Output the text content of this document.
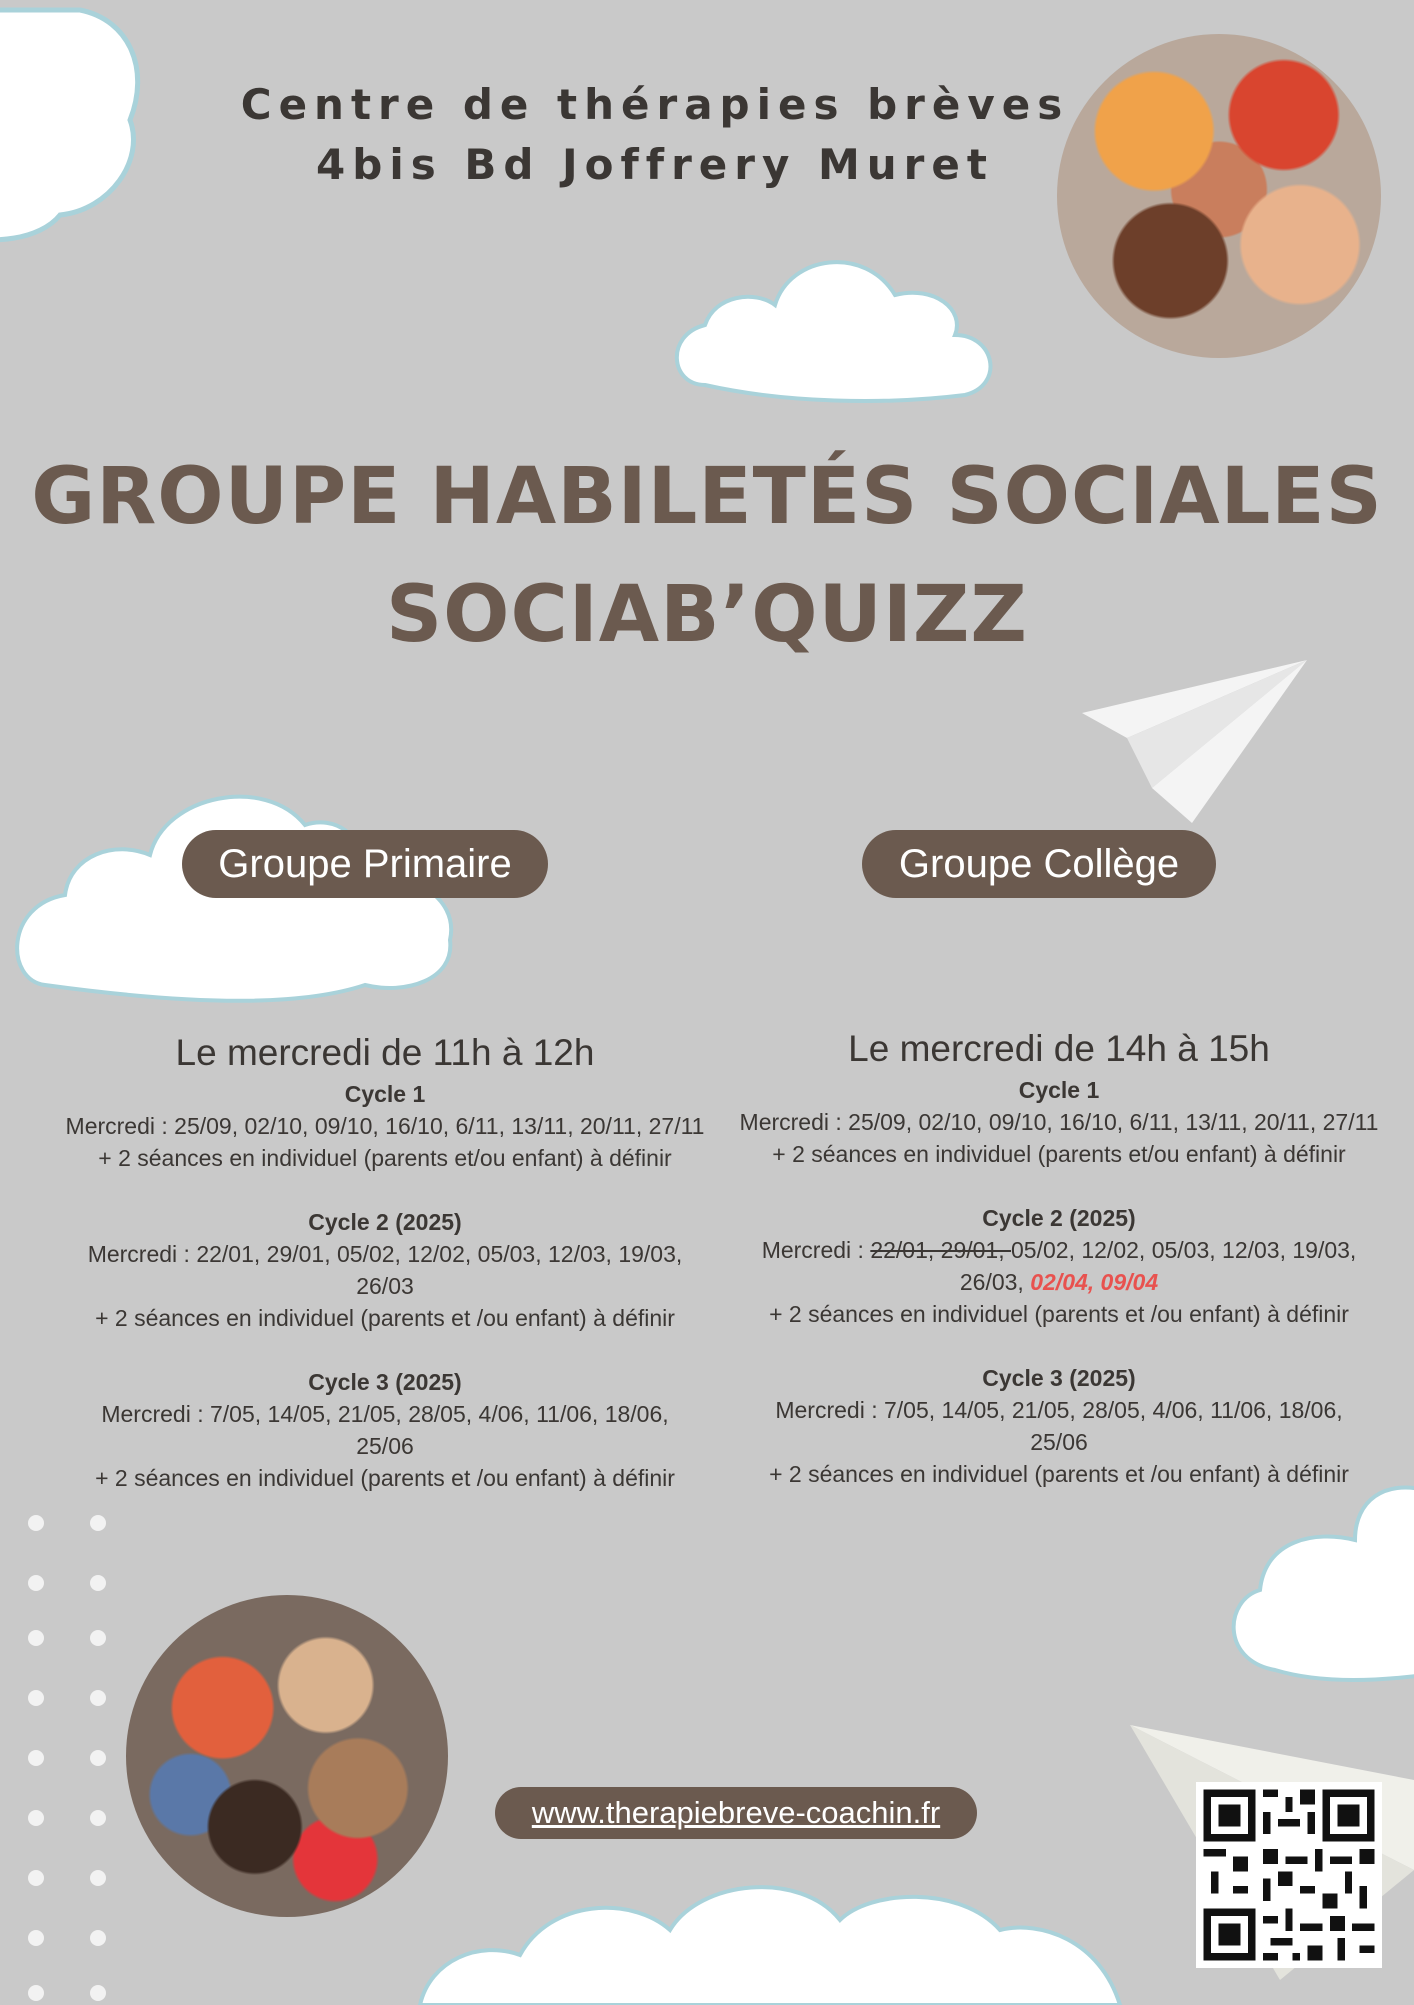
Centre de thérapies brèves
4bis Bd Joffrery Muret
GROUPE HABILETÉS SOCIALES
SOCIAB’QUIZZ
Groupe Primaire	Groupe Collège
Le mercredi de 11h à 12h
Cycle 1
Mercredi : 25/09, 02/10, 09/10, 16/10, 6/11, 13/11, 20/11, 27/11
+ 2 séances en individuel (parents et/ou enfant) à définir
Cycle 2 (2025)
Mercredi : 22/01, 29/01, 05/02, 12/02, 05/03, 12/03, 19/03,
26/03
+ 2 séances en individuel (parents et /ou enfant) à définir
Cycle 3 (2025)
Mercredi : 7/05, 14/05, 21/05, 28/05, 4/06, 11/06, 18/06,
25/06
+ 2 séances en individuel (parents et /ou enfant) à définir
Le mercredi de 14h à 15h
Cycle 1
Mercredi : 25/09, 02/10, 09/10, 16/10, 6/11, 13/11, 20/11, 27/11
+ 2 séances en individuel (parents et/ou enfant) à définir
Cycle 2 (2025)
Mercredi : 22/01, 29/01, 05/02, 12/02, 05/03, 12/03, 19/03,
26/03, 02/04, 09/04
+ 2 séances en individuel (parents et /ou enfant) à définir
Cycle 3 (2025)
Mercredi : 7/05, 14/05, 21/05, 28/05, 4/06, 11/06, 18/06,
25/06
+ 2 séances en individuel (parents et /ou enfant) à définir
www.therapiebreve-coachin.fr
